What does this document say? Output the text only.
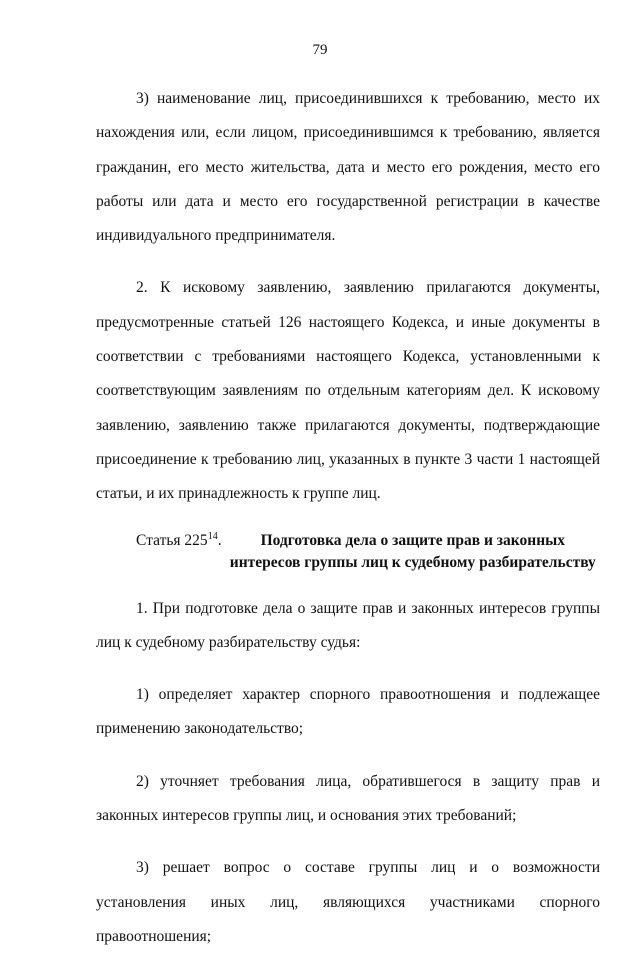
79

3) наименование лиц, присоединившихся к требованию, место их нахождения или, если лицом, присоединившимся к требованию, является гражданин, его место жительства, дата и место его рождения, место его работы или дата и место его государственной регистрации в качестве индивидуального предпринимателя.

2. К исковому заявлению, заявлению прилагаются документы, предусмотренные статьей 126 настоящего Кодекса, и иные документы в соответствии с требованиями настоящего Кодекса, установленными к соответствующим заявлениям по отдельным категориям дел. К исковому заявлению, заявлению также прилагаются документы, подтверждающие присоединение к требованию лиц, указанных в пункте 3 части 1 настоящей статьи, и их принадлежность к группе лиц.

Статья $225^{14}$.	Подготовка дела о защите прав и законных интересов группы лиц к судебному разбирательству

1. При подготовке дела о защите прав и законных интересов группы лиц к судебному разбирательству судья:

1) определяет характер спорного правоотношения и подлежащее применению законодательство;

2) уточняет требования лица, обратившегося в защиту прав и законных интересов группы лиц, и основания этих требований;

3) решает вопрос о составе группы лиц и о возможности установления иных лиц, являющихся участниками спорного правоотношения;
